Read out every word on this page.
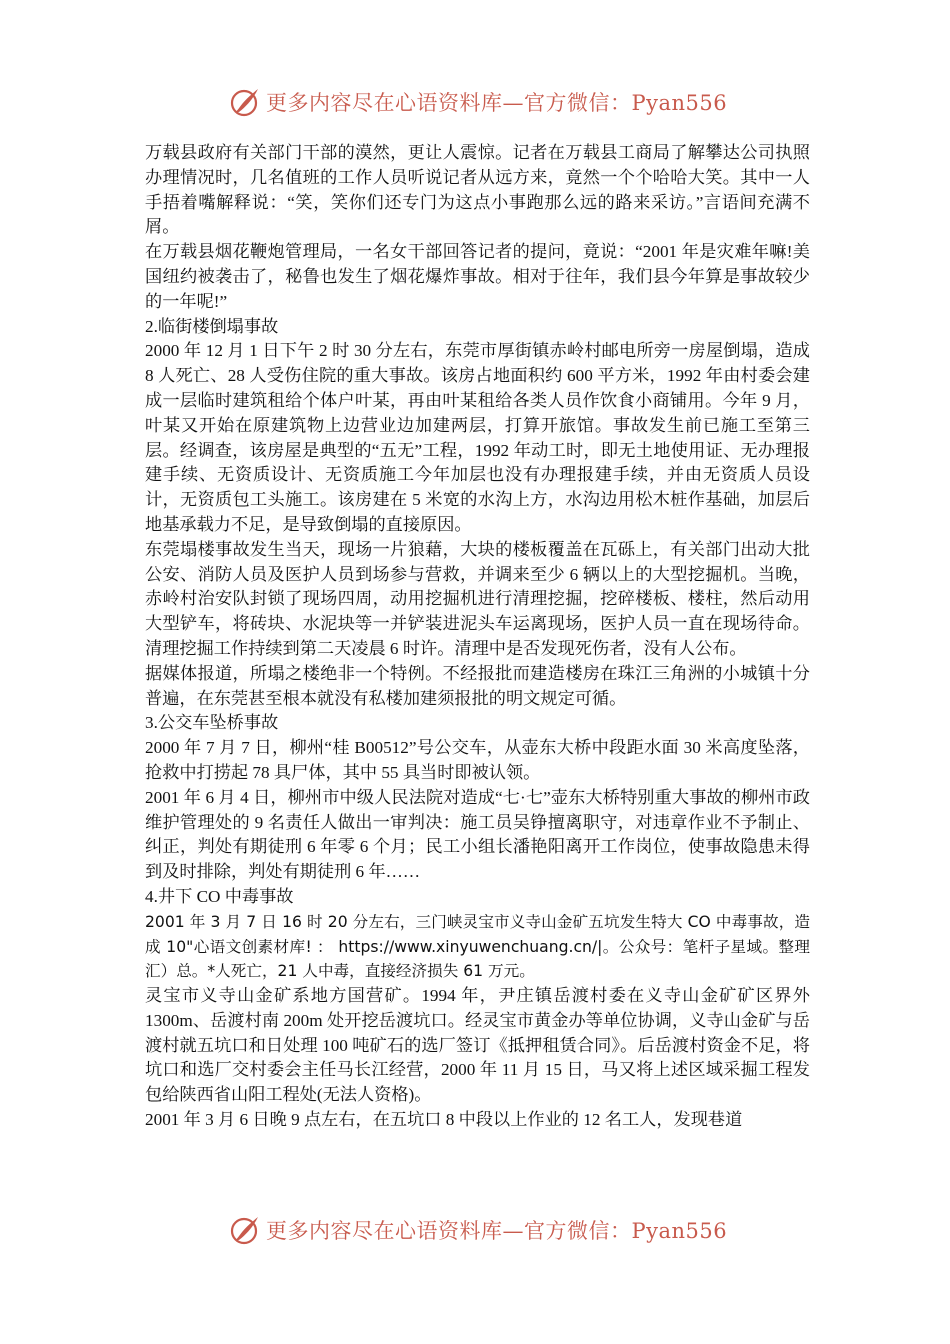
更多内容尽在心语资料库—官方微信：Pyan556

万载县政府有关部门干部的漠然，更让人震惊。记者在万载县工商局了解攀达公司执照办理情况时，几名值班的工作人员听说记者从远方来，竟然一个个哈哈大笑。其中一人手捂着嘴解释说：“笑，笑你们还专门为这点小事跑那么远的路来采访。”言语间充满不屑。

在万载县烟花鞭炮管理局，一名女干部回答记者的提问，竟说：“2001 年是灾难年嘛!美国纽约被袭击了，秘鲁也发生了烟花爆炸事故。相对于往年，我们县今年算是事故较少的一年呢!”

2.临街楼倒塌事故

2000 年 12 月 1 日下午 2 时 30 分左右，东莞市厚街镇赤岭村邮电所旁一房屋倒塌，造成 8 人死亡、28 人受伤住院的重大事故。该房占地面积约 600 平方米，1992 年由村委会建成一层临时建筑租给个体户叶某，再由叶某租给各类人员作饮食小商铺用。今年 9 月，叶某又开始在原建筑物上边营业边加建两层，打算开旅馆。事故发生前已施工至第三层。经调查，该房屋是典型的“五无”工程，1992 年动工时，即无土地使用证、无办理报建手续、无资质设计、无资质施工今年加层也没有办理报建手续，并由无资质人员设计，无资质包工头施工。该房建在 5 米宽的水沟上方，水沟边用松木桩作基础，加层后地基承载力不足，是导致倒塌的直接原因。

东莞塌楼事故发生当天，现场一片狼藉，大块的楼板覆盖在瓦砾上，有关部门出动大批公安、消防人员及医护人员到场参与营救，并调来至少 6 辆以上的大型挖掘机。当晚，赤岭村治安队封锁了现场四周，动用挖掘机进行清理挖掘，挖碎楼板、楼柱，然后动用大型铲车，将砖块、水泥块等一并铲装进泥头车运离现场，医护人员一直在现场待命。清理挖掘工作持续到第二天凌晨 6 时许。清理中是否发现死伤者，没有人公布。

据媒体报道，所塌之楼绝非一个特例。不经报批而建造楼房在珠江三角洲的小城镇十分普遍，在东莞甚至根本就没有私楼加建须报批的明文规定可循。

3.公交车坠桥事故

2000 年 7 月 7 日，柳州“桂 B00512”号公交车，从壶东大桥中段距水面 30 米高度坠落，抢救中打捞起 78 具尸体，其中 55 具当时即被认领。

2001 年 6 月 4 日，柳州市中级人民法院对造成“七·七”壶东大桥特别重大事故的柳州市政维护管理处的 9 名责任人做出一审判决：施工员吴铮擅离职守，对违章作业不予制止、纠正，判处有期徒刑 6 年零 6 个月；民工小组长潘艳阳离开工作岗位，使事故隐患未得到及时排除，判处有期徒刑 6 年……

4.井下 CO 中毒事故

2001 年 3 月 7 日 16 时 20 分左右，三门峡灵宝市义寺山金矿五坑发生特大 CO 中毒事故，造成 10"心语文创素材库! ： https://www.xinyuwenchuang.cn/|。公众号：笔杆子星域。整理汇）总。*人死亡，21 人中毒，直接经济损失 61 万元。

灵宝市义寺山金矿系地方国营矿。1994 年，尹庄镇岳渡村委在义寺山金矿矿区界外 1300m、岳渡村南 200m 处开挖岳渡坑口。经灵宝市黄金办等单位协调，义寺山金矿与岳渡村就五坑口和日处理 100 吨矿石的选厂签订《抵押租赁合同》。后岳渡村资金不足，将坑口和选厂交村委会主任马长江经营，2000 年 11 月 15 日，马又将上述区域采掘工程发包给陕西省山阳工程处(无法人资格)。

2001 年 3 月 6 日晚 9 点左右，在五坑口 8 中段以上作业的 12 名工人，发现巷道

更多内容尽在心语资料库—官方微信：Pyan556
